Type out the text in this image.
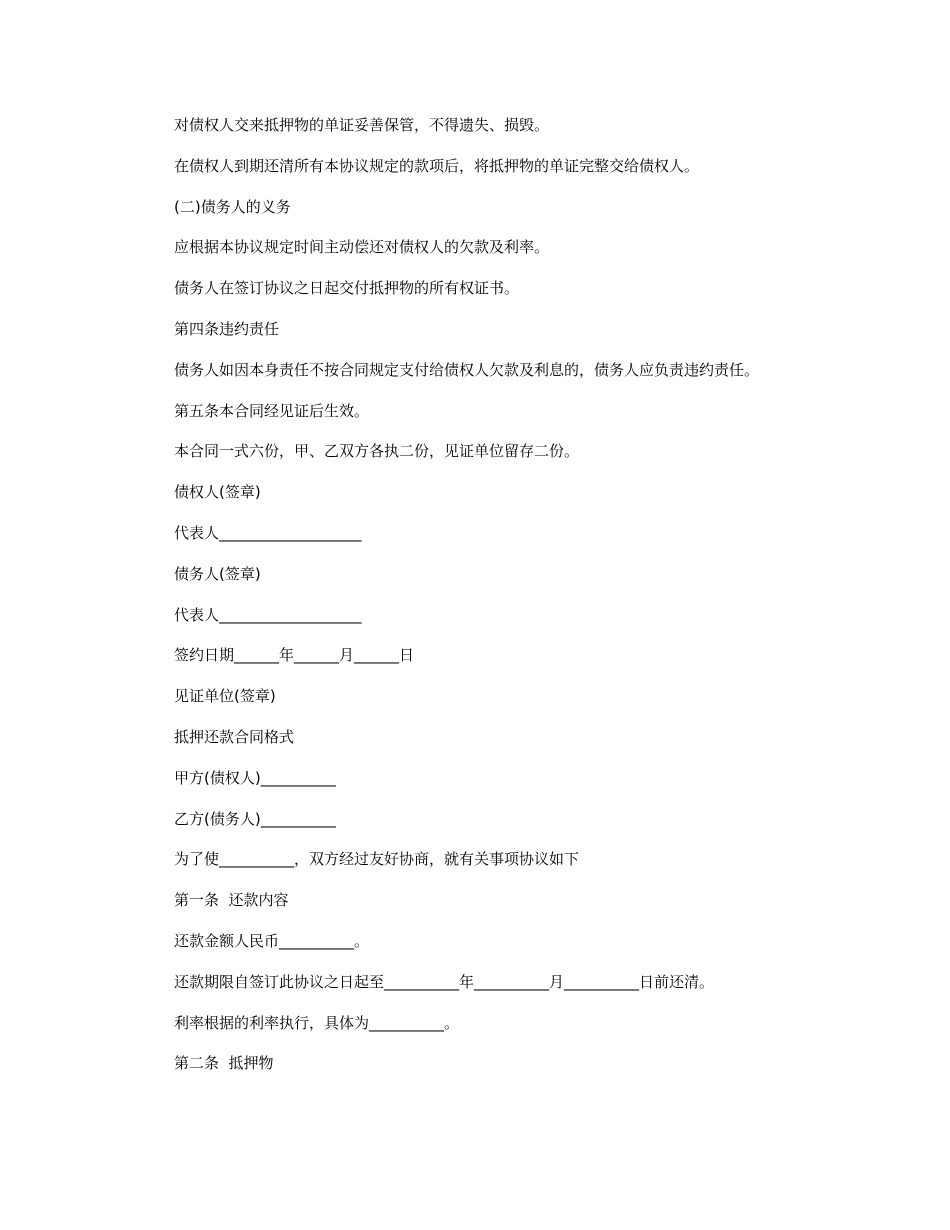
对债权人交来抵押物的单证妥善保管，不得遗失、损毁。
在债权人到期还清所有本协议规定的款项后，将抵押物的单证完整交给债权人。
(二)债务人的义务
应根据本协议规定时间主动偿还对债权人的欠款及利率。
债务人在签订协议之日起交付抵押物的所有权证书。
第四条违约责任
债务人如因本身责任不按合同规定支付给债权人欠款及利息的，债务人应负责违约责任。
第五条本合同经见证后生效。
本合同一式六份，甲、乙双方各执二份，见证单位留存二份。
债权人(签章)
代表人___________________
债务人(签章)
代表人___________________
签约日期______年______月______日
见证单位(签章)
抵押还款合同格式
甲方(债权人)__________
乙方(债务人)__________
为了使__________，双方经过友好协商，就有关事项协议如下
第一条  还款内容
还款金额人民币__________。
还款期限自签订此协议之日起至__________年__________月__________日前还清。
利率根据的利率执行，具体为__________。
第二条  抵押物
